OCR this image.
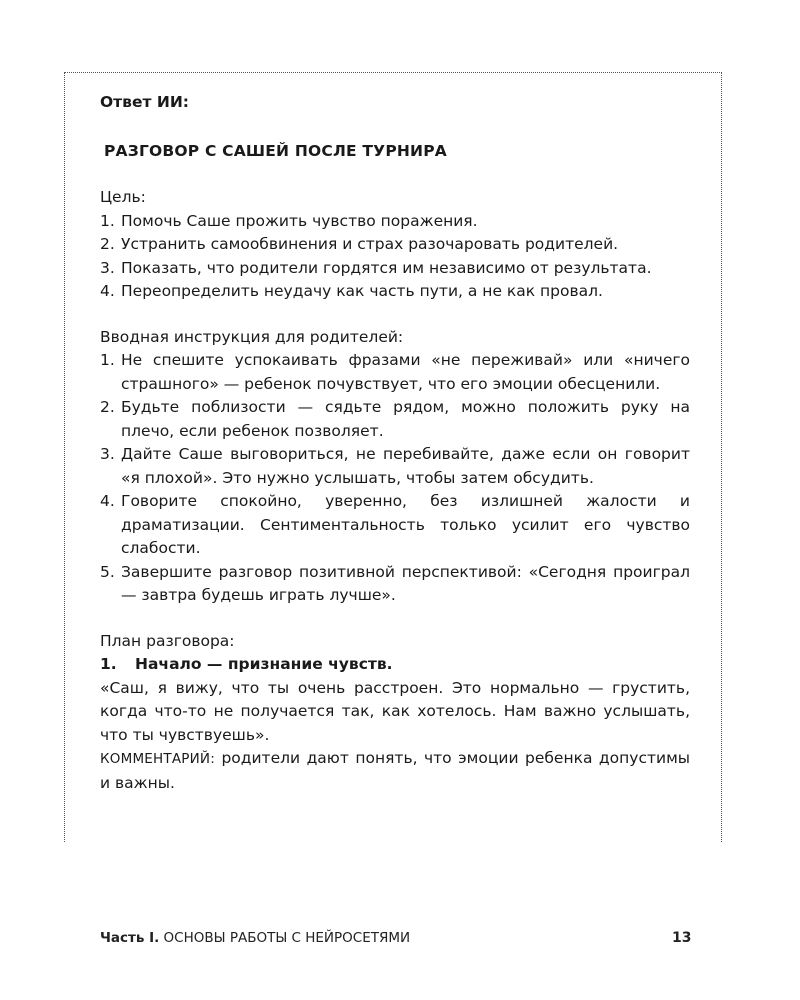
Ответ ИИ:

РАЗГОВОР С САШЕЙ ПОСЛЕ ТУРНИРА

Цель:

1. Помочь Саше прожить чувство поражения.
2. Устранить самообвинения и страх разочаровать родителей.
3. Показать, что родители гордятся им независимо от результата.
4. Переопределить неудачу как часть пути, а не как провал.

Вводная инструкция для родителей:

1. Не спешите успокаивать фразами «не переживай» или «ничего страшного» — ребенок почувствует, что его эмоции обесценили.
2. Будьте поблизости — сядьте рядом, можно положить руку на плечо, если ребенок позволяет.
3. Дайте Саше выговориться, не перебивайте, даже если он говорит «я плохой». Это нужно услышать, чтобы затем обсудить.
4. Говорите спокойно, уверенно, без излишней жалости и драматизации. Сентиментальность только усилит его чувство слабости.
5. Завершите разговор позитивной перспективой: «Сегодня проиграл — завтра будешь играть лучше».

План разговора:

1. Начало — признание чувств.

«Саш, я вижу, что ты очень расстроен. Это нормально — грустить, когда что-то не получается так, как хотелось. Нам важно услышать, что ты чувствуешь».

КОММЕНТАРИЙ: родители дают понять, что эмоции ребенка допустимы и важны.

Часть I. ОСНОВЫ РАБОТЫ С НЕЙРОСЕТЯМИ	13
